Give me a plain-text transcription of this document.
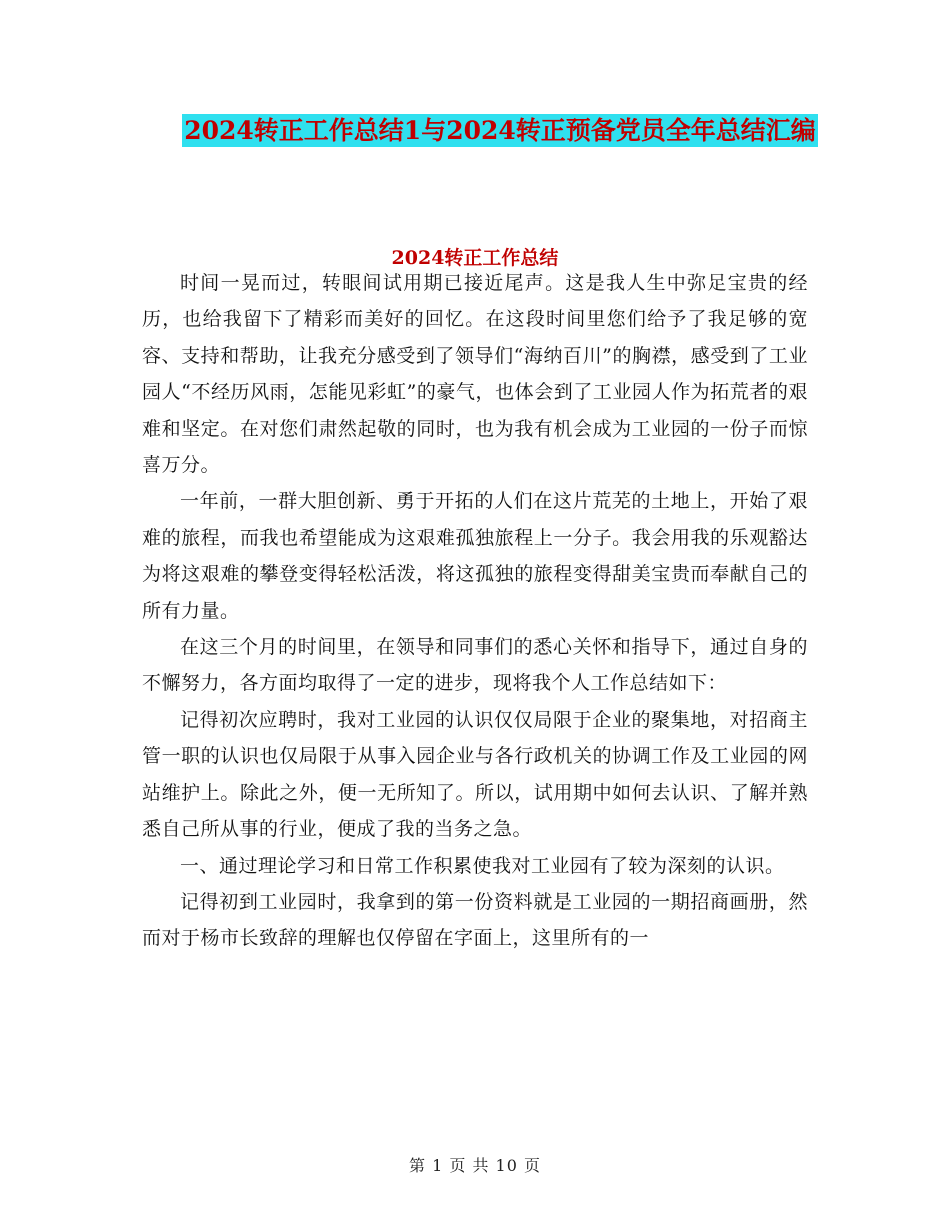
2024转正工作总结1与2024转正预备党员全年总结汇编
2024转正工作总结

时间一晃而过，转眼间试用期已接近尾声。这是我人生中弥足宝贵的经历，也给我留下了精彩而美好的回忆。在这段时间里您们给予了我足够的宽容、支持和帮助，让我充分感受到了领导们“海纳百川”的胸襟，感受到了工业园人“不经历风雨，怎能见彩虹”的豪气，也体会到了工业园人作为拓荒者的艰难和坚定。在对您们肃然起敬的同时，也为我有机会成为工业园的一份子而惊喜万分。

一年前，一群大胆创新、勇于开拓的人们在这片荒芜的土地上，开始了艰难的旅程，而我也希望能成为这艰难孤独旅程上一分子。我会用我的乐观豁达为将这艰难的攀登变得轻松活泼，将这孤独的旅程变得甜美宝贵而奉献自己的所有力量。

在这三个月的时间里，在领导和同事们的悉心关怀和指导下，通过自身的不懈努力，各方面均取得了一定的进步，现将我个人工作总结如下：

记得初次应聘时，我对工业园的认识仅仅局限于企业的聚集地，对招商主管一职的认识也仅局限于从事入园企业与各行政机关的协调工作及工业园的网站维护上。除此之外，便一无所知了。所以，试用期中如何去认识、了解并熟悉自己所从事的行业，便成了我的当务之急。

一、通过理论学习和日常工作积累使我对工业园有了较为深刻的认识。

记得初到工业园时，我拿到的第一份资料就是工业园的一期招商画册，然而对于杨市长致辞的理解也仅停留在字面上，这里所有的一

第 1 页 共 10 页
